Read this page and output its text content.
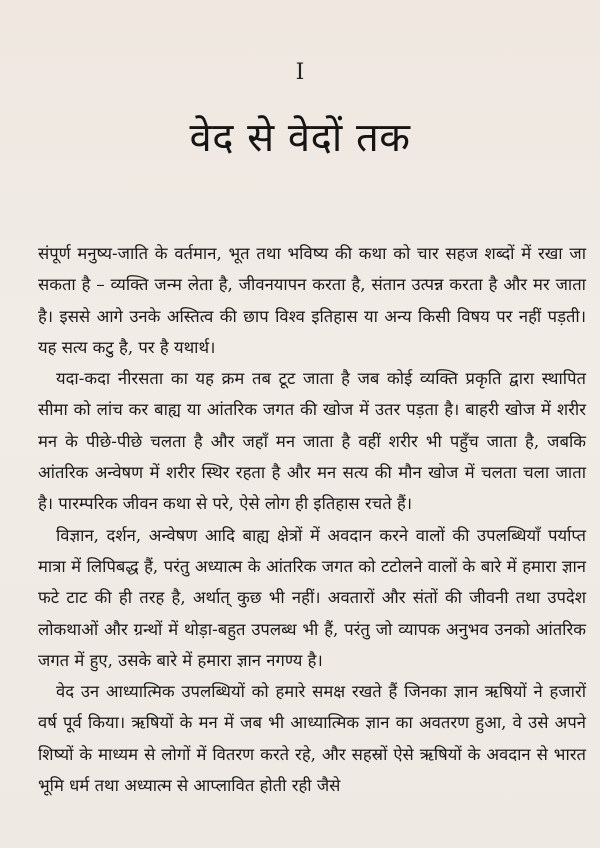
I
वेद से वेदों तक

संपूर्ण मनुष्य-जाति के वर्तमान, भूत तथा भविष्य की कथा को चार सहज शब्दों में रखा जा सकता है – व्यक्ति जन्म लेता है, जीवनयापन करता है, संतान उत्पन्न करता है और मर जाता है। इससे आगे उनके अस्तित्व की छाप विश्व इतिहास या अन्य किसी विषय पर नहीं पड़ती। यह सत्य कटु है, पर है यथार्थ।

यदा-कदा नीरसता का यह क्रम तब टूट जाता है जब कोई व्यक्ति प्रकृति द्वारा स्थापित सीमा को लांच कर बाह्य या आंतरिक जगत की खोज में उतर पड़ता है। बाहरी खोज में शरीर मन के पीछे-पीछे चलता है और जहाँ मन जाता है वहीं शरीर भी पहुँच जाता है, जबकि आंतरिक अन्वेषण में शरीर स्थिर रहता है और मन सत्य की मौन खोज में चलता चला जाता है। पारम्परिक जीवन कथा से परे, ऐसे लोग ही इतिहास रचते हैं।

विज्ञान, दर्शन, अन्वेषण आदि बाह्य क्षेत्रों में अवदान करने वालों की उपलब्धियाँ पर्याप्त मात्रा में लिपिबद्ध हैं, परंतु अध्यात्म के आंतरिक जगत को टटोलने वालों के बारे में हमारा ज्ञान फटे टाट की ही तरह है, अर्थात् कुछ भी नहीं। अवतारों और संतों की जीवनी तथा उपदेश लोकथाओं और ग्रन्थों में थोड़ा-बहुत उपलब्ध भी हैं, परंतु जो व्यापक अनुभव उनको आंतरिक जगत में हुए, उसके बारे में हमारा ज्ञान नगण्य है।

वेद उन आध्यात्मिक उपलब्धियों को हमारे समक्ष रखते हैं जिनका ज्ञान ऋषियों ने हजारों वर्ष पूर्व किया। ऋषियों के मन में जब भी आध्यात्मिक ज्ञान का अवतरण हुआ, वे उसे अपने शिष्यों के माध्यम से लोगों में वितरण करते रहे, और सहस्रों ऐसे ऋषियों के अवदान से भारत भूमि धर्म तथा अध्यात्म से आप्लावित होती रही जैसे
